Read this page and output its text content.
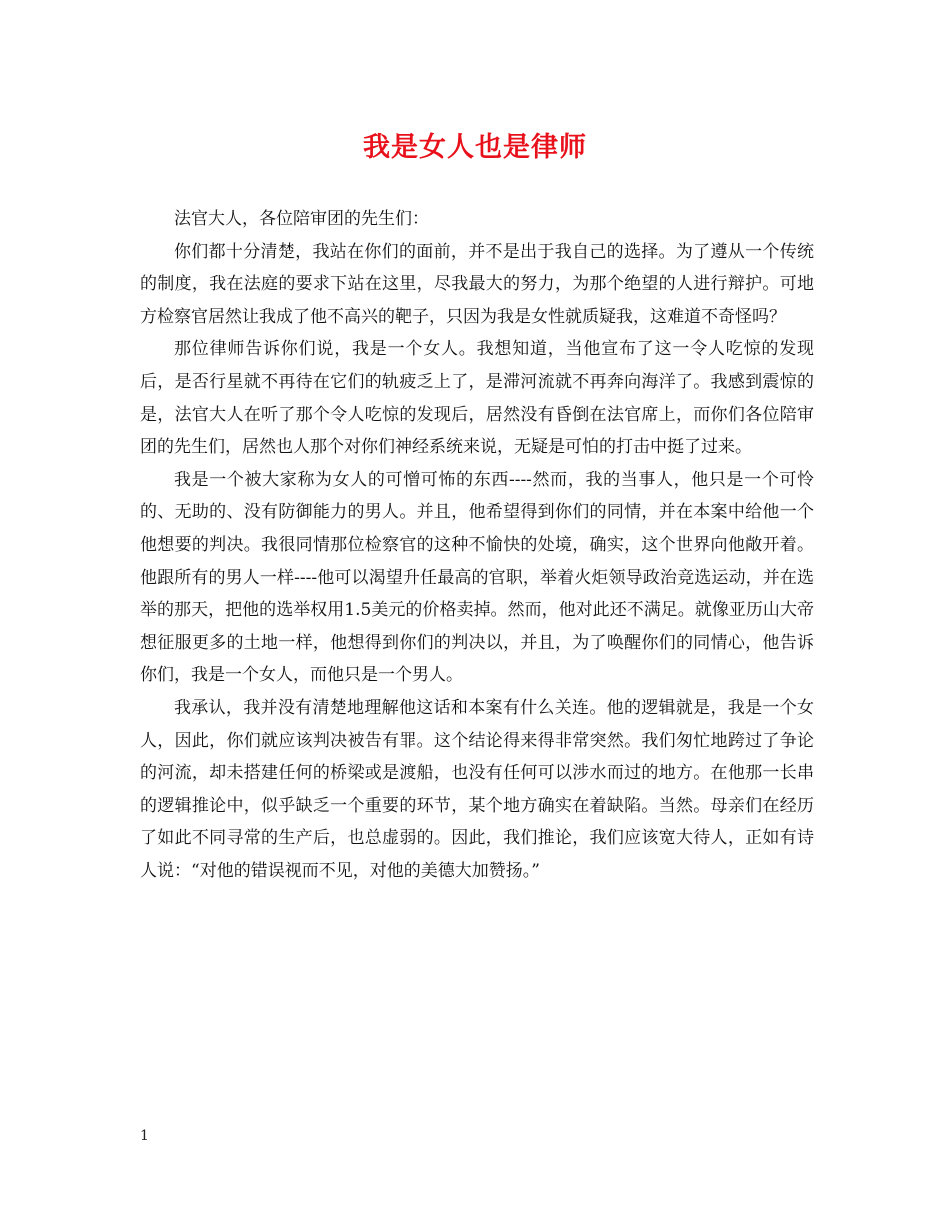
我是女人也是律师

法官大人，各位陪审团的先生们：

你们都十分清楚，我站在你们的面前，并不是出于我自己的选择。为了遵从一个传统的制度，我在法庭的要求下站在这里，尽我最大的努力，为那个绝望的人进行辩护。可地方检察官居然让我成了他不高兴的靶子，只因为我是女性就质疑我，这难道不奇怪吗？

那位律师告诉你们说，我是一个女人。我想知道，当他宣布了这一令人吃惊的发现后，是否行星就不再待在它们的轨疲乏上了，是滞河流就不再奔向海洋了。我感到震惊的是，法官大人在听了那个令人吃惊的发现后，居然没有昏倒在法官席上，而你们各位陪审团的先生们，居然也人那个对你们神经系统来说，无疑是可怕的打击中挺了过来。

我是一个被大家称为女人的可憎可怖的东西----然而，我的当事人，他只是一个可怜的、无助的、没有防御能力的男人。并且，他希望得到你们的同情，并在本案中给他一个他想要的判决。我很同情那位检察官的这种不愉快的处境，确实，这个世界向他敞开着。他跟所有的男人一样----他可以渴望升任最高的官职，举着火炬领导政治竞选运动，并在选举的那天，把他的选举权用1.5美元的价格卖掉。然而，他对此还不满足。就像亚历山大帝想征服更多的土地一样，他想得到你们的判决以，并且，为了唤醒你们的同情心，他告诉你们，我是一个女人，而他只是一个男人。

我承认，我并没有清楚地理解他这话和本案有什么关连。他的逻辑就是，我是一个女人，因此，你们就应该判决被告有罪。这个结论得来得非常突然。我们匆忙地跨过了争论的河流，却未搭建任何的桥梁或是渡船，也没有任何可以涉水而过的地方。在他那一长串的逻辑推论中，似乎缺乏一个重要的环节，某个地方确实在着缺陷。当然。母亲们在经历了如此不同寻常的生产后，也总虚弱的。因此，我们推论，我们应该宽大待人，正如有诗人说：“对他的错误视而不见，对他的美德大加赞扬。”

1
